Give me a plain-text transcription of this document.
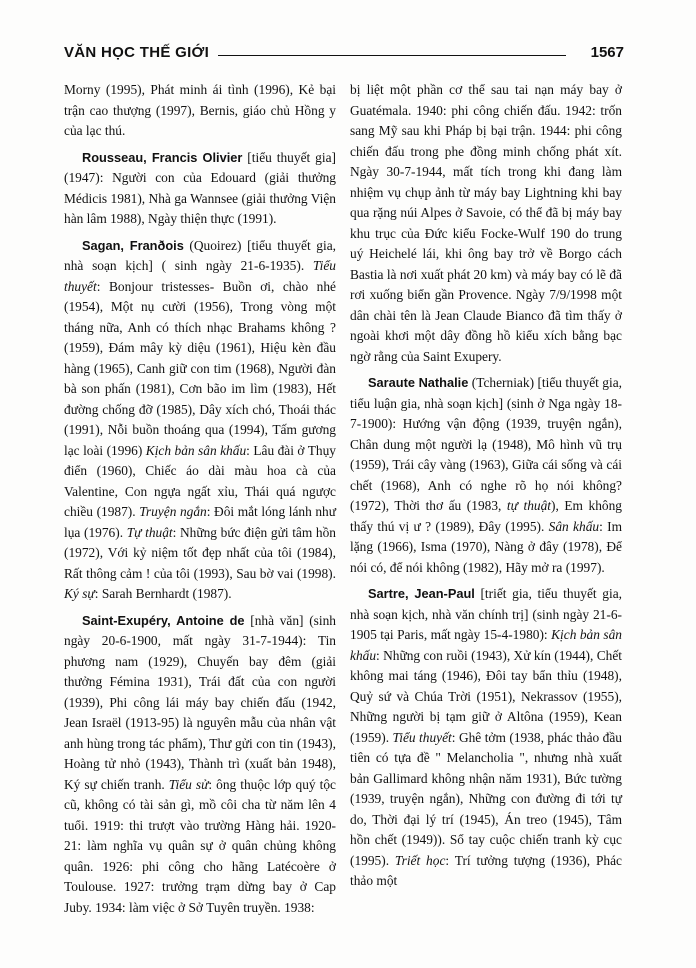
VĂN HỌC THẾ GIỚI	1567

Morny (1995), Phát minh ái tình (1996), Kẻ bại trận cao thượng (1997), Bernis, giáo chủ Hồng y của lạc thú.

Rousseau, Francis Olivier [tiểu thuyết gia] (1947): Người con của Edouard (giải thưởng Médicis 1981), Nhà ga Wannsee (giải thưởng Viện hàn lâm 1988), Ngày thiện thực (1991).

Sagan, Franðois (Quoirez) [tiểu thuyết gia, nhà soạn kịch] ( sinh ngày 21-6-1935). Tiểu thuyết: Bonjour tristesses- Buồn ơi, chào nhé (1954), Một nụ cười (1956), Trong vòng một tháng nữa, Anh có thích nhạc Brahams không ? (1959), Đám mây kỳ diệu (1961), Hiệu kèn đầu hàng (1965), Canh giữ con tim (1968), Người đàn bà son phấn (1981), Cơn bão im lìm (1983), Hết đường chống đỡ (1985), Dây xích chó, Thoái thác (1991), Nỗi buồn thoáng qua (1994), Tấm gương lạc loài (1996) Kịch bản sân khấu: Lâu đài ở Thụy điển (1960), Chiếc áo dài màu hoa cà của Valentine, Con ngựa ngất xỉu, Thái quá ngược chiều (1987). Truyện ngắn: Đôi mắt lóng lánh như lụa (1976). Tự thuật: Những bức điện gửi tâm hồn (1972), Với kỷ niệm tốt đẹp nhất của tôi (1984), Rất thông cảm ! của tôi (1993), Sau bờ vai (1998). Ký sự: Sarah Bernhardt (1987).

Saint-Exupéry, Antoine de [nhà văn] (sinh ngày 20-6-1900, mất ngày 31-7-1944): Tin phương nam (1929), Chuyến bay đêm (giải thưởng Fémina 1931), Trái đất của con người (1939), Phi công lái máy bay chiến đấu (1942, Jean Israël (1913-95) là nguyên mẫu của nhân vật anh hùng trong tác phẩm), Thư gửi con tin (1943), Hoàng tử nhỏ (1943), Thành trì (xuất bản 1948), Ký sự chiến tranh. Tiểu sử: ông thuộc lớp quý tộc cũ, không có tài sản gì, mồ côi cha từ năm lên 4 tuổi. 1919: thi trượt vào trường Hàng hải. 1920-21: làm nghĩa vụ quân sự ở quân chủng không quân. 1926: phi công cho hãng Latécoère ở Toulouse. 1927: trưởng trạm dừng bay ở Cap Juby. 1934: làm việc ở Sở Tuyên truyền. 1938:

bị liệt một phần cơ thể sau tai nạn máy bay ở Guatémala. 1940: phi công chiến đấu. 1942: trốn sang Mỹ sau khi Pháp bị bại trận. 1944: phi công chiến đấu trong phe đồng minh chống phát xít. Ngày 30-7-1944, mất tích trong khi đang làm nhiệm vụ chụp ảnh từ máy bay Lightning khi bay qua rặng núi Alpes ở Savoie, có thể đã bị máy bay khu trục của Đức kiểu Focke-Wulf 190 do trung uý Heichelé lái, khi ông bay trở về Borgo cách Bastia là nơi xuất phát 20 km) và máy bay có lẽ đã rơi xuống biển gần Provence. Ngày 7/9/1998 một dân chài tên là Jean Claude Bianco đã tìm thấy ở ngoài khơi một dây đồng hồ kiểu xích bằng bạc ngờ rằng của Saint Exupery.

Saraute Nathalie (Tcherniak) [tiểu thuyết gia, tiểu luận gia, nhà soạn kịch] (sinh ở Nga ngày 18-7-1900): Hướng vận động (1939, truyện ngắn), Chân dung một người lạ (1948), Mô hình vũ trụ (1959), Trái cây vàng (1963), Giữa cái sống và cái chết (1968), Anh có nghe rõ họ nói không? (1972), Thời thơ ấu (1983, tự thuật), Em không thấy thú vị ư ? (1989), Đây (1995). Sân khấu: Im lặng (1966), Isma (1970), Nàng ở đây (1978), Để nói có, để nói không (1982), Hãy mở ra (1997).

Sartre, Jean-Paul [triết gia, tiểu thuyết gia, nhà soạn kịch, nhà văn chính trị] (sinh ngày 21-6-1905 tại Paris, mất ngày 15-4-1980): Kịch bản sân khấu: Những con ruồi (1943), Xử kín (1944), Chết không mai táng (1946), Đôi tay bẩn thỉu (1948), Quỷ sứ và Chúa Trời (1951), Nekrassov (1955), Những người bị tạm giữ ở Altôna (1959), Kean (1959). Tiểu thuyết: Ghê tởm (1938, phác thảo đầu tiên có tựa đề " Melancholia ", nhưng nhà xuất bản Gallimard không nhận năm 1931), Bức tường (1939, truyện ngắn), Những con đường đi tới tự do, Thời đại lý trí (1945), Án treo (1945), Tâm hồn chết (1949)). Sổ tay cuộc chiến tranh kỳ cục (1995). Triết học: Trí tưởng tượng (1936), Phác thảo một
